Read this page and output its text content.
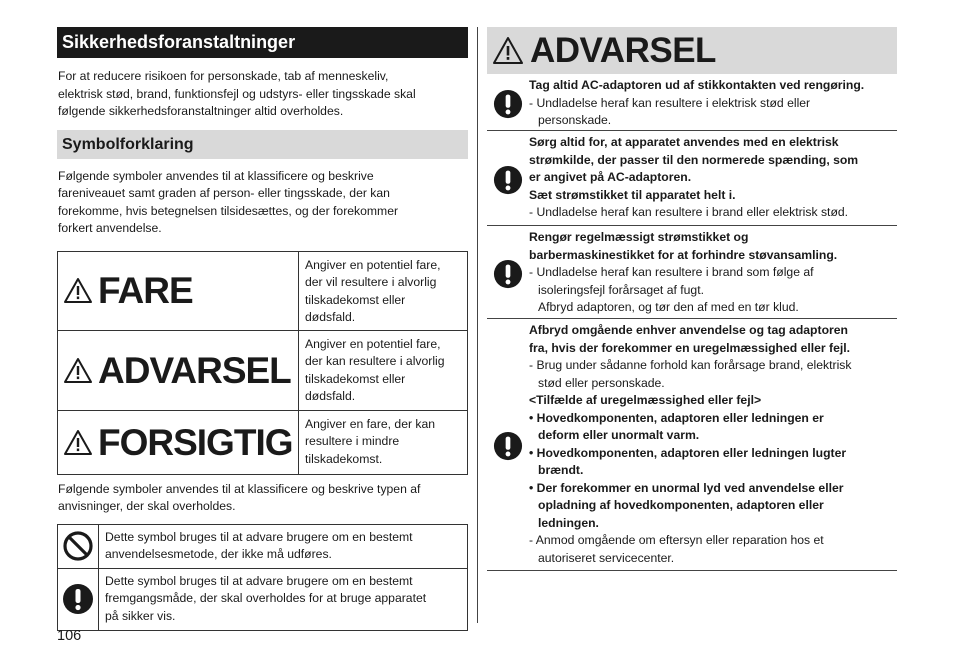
Sikkerhedsforanstaltninger
For at reducere risikoen for personskade, tab af menneskeliv,
elektrisk stød, brand, funktionsfejl og udstyrs- eller tingsskade skal
følgende sikkerhedsforanstaltninger altid overholdes.
Symbolforklaring
Følgende symboler anvendes til at klassificere og beskrive
fareniveauet samt graden af person- eller tingsskade, der kan
forekomme, hvis betegnelsen tilsidesættes, og der forekommer
forkert anvendelse.
FARE
Angiver en potentiel fare,
der vil resultere i alvorlig
tilskadekomst eller
dødsfald.
ADVARSEL
Angiver en potentiel fare,
der kan resultere i alvorlig
tilskadekomst eller
dødsfald.
FORSIGTIG Angiver en fare, der kan
resultere i mindre
tilskadekomst.
Følgende symboler anvendes til at klassificere og beskrive typen af
anvisninger, der skal overholdes.
Dette symbol bruges til at advare brugere om en bestemt
anvendelsesmetode, der ikke må udføres.
Dette symbol bruges til at advare brugere om en bestemt
fremgangsmåde, der skal overholdes for at bruge apparatet
på sikker vis.
106
ADVARSEL
Tag altid AC-adaptoren ud af stikkontakten ved rengøring.
- Undladelse heraf kan resultere i elektrisk stød eller
personskade.
Sørg altid for, at apparatet anvendes med en elektrisk
strømkilde, der passer til den normerede spænding, som
er angivet på AC-adaptoren.
Sæt strømstikket til apparatet helt i.
- Undladelse heraf kan resultere i brand eller elektrisk stød.
Rengør regelmæssigt strømstikket og
barbermaskinestikket for at forhindre støvansamling.
- Undladelse heraf kan resultere i brand som følge af
isoleringsfejl forårsaget af fugt.
Afbryd adaptoren, og tør den af med en tør klud.
Afbryd omgående enhver anvendelse og tag adaptoren
fra, hvis der forekommer en uregelmæssighed eller fejl.
- Brug under sådanne forhold kan forårsage brand, elektrisk
stød eller personskade.
<Tilfælde af uregelmæssighed eller fejl>
• Hovedkomponenten, adaptoren eller ledningen er
deform eller unormalt varm.
• Hovedkomponenten, adaptoren eller ledningen lugter
brændt.
• Der forekommer en unormal lyd ved anvendelse eller
opladning af hovedkomponenten, adaptoren eller
ledningen.
- Anmod omgående om eftersyn eller reparation hos et
autoriseret servicecenter.
